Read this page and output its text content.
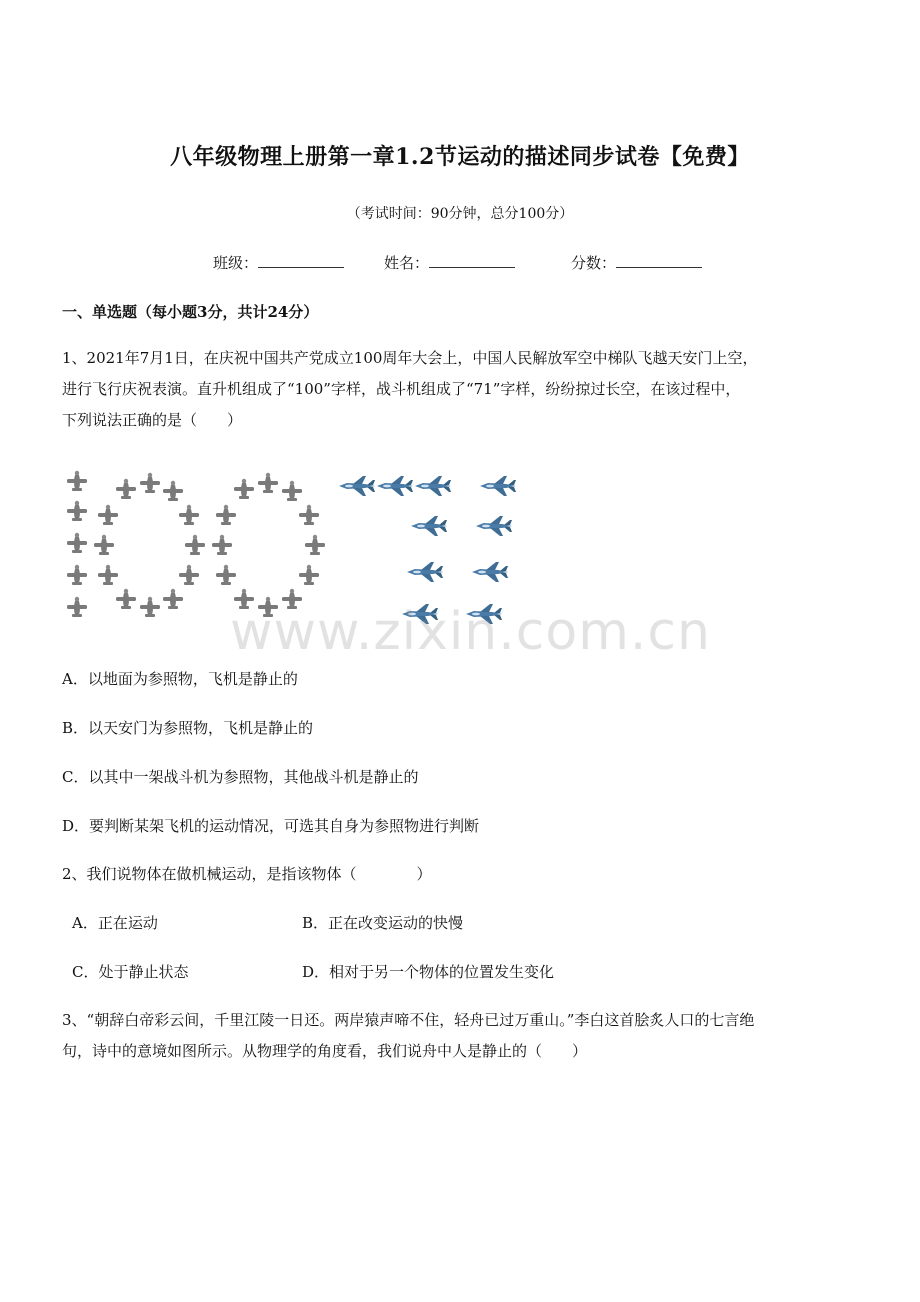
八年级物理上册第一章1.2节运动的描述同步试卷【免费】
（考试时间：90分钟，总分100分）
班级：	姓名：	分数：
一、单选题（每小题3分，共计24分）
1、2021年7月1日，在庆祝中国共产党成立100周年大会上，中国人民解放军空中梯队飞越天安门上空，
进行飞行庆祝表演。直升机组成了“100”字样，战斗机组成了“71”字样，纷纷掠过长空，在该过程中，
下列说法正确的是（　　）
www.zixin.com.cn
A．以地面为参照物，飞机是静止的
B．以天安门为参照物，飞机是静止的
C．以其中一架战斗机为参照物，其他战斗机是静止的
D．要判断某架飞机的运动情况，可选其自身为参照物进行判断
2、我们说物体在做机械运动，是指该物体（　　　　）
A．正在运动	B．正在改变运动的快慢
C．处于静止状态	D．相对于另一个物体的位置发生变化
3、“朝辞白帝彩云间，千里江陵一日还。两岸猿声啼不住，轻舟已过万重山。”李白这首脍炙人口的七言绝
句，诗中的意境如图所示。从物理学的角度看，我们说舟中人是静止的（　　）
